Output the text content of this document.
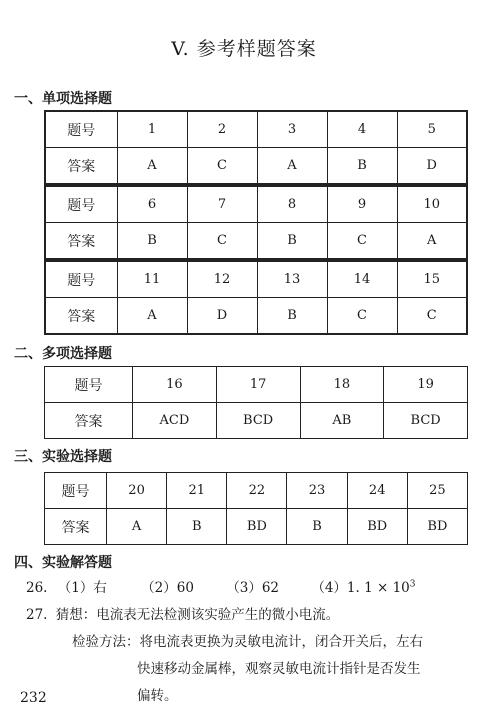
V. 参考样题答案
一、单项选择题
题号	1	2	3	4	5
答案	A	C	A	B	D
题号	6	7	8	9	10
答案	B	C	B	C	A
题号	11	12	13	14	15
答案	A	D	B	C	C
二、多项选择题
题号	16	17	18	19
答案	ACD	BCD	AB	BCD
三、实验选择题
题号	20	21	22	23	24	25
答案	A	B	BD	B	BD	BD
四、实验解答题
26. （1）右	（2）60 （3）62 （4）1. $1 \times 10^3$
27. 猜想：电流表无法检测该实验产生的微小电流。
检验方法：将电流表更换为灵敏电流计，闭合开关后，左右
快速移动金属棒，观察灵敏电流计指针是否发生
偏转。
232
